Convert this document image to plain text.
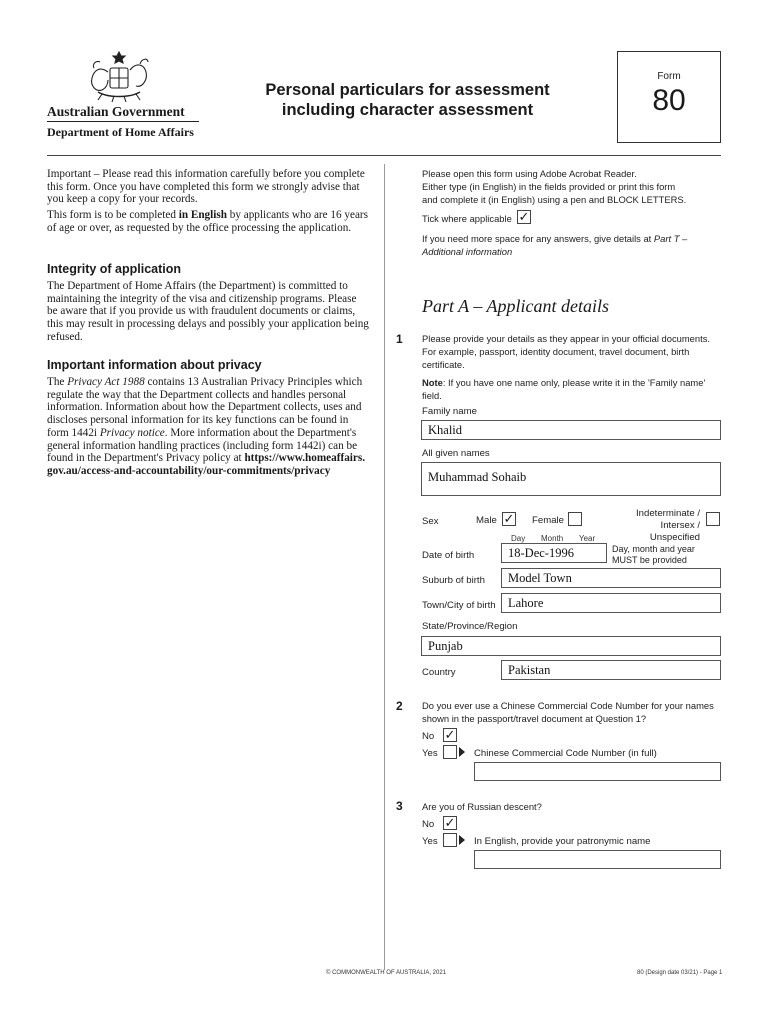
Australian Government
Department of Home Affairs
Personal particulars for assessment
including character assessment
Form
80
Important – Please read this information carefully before you complete this form. Once you have completed this form we strongly advise that you keep a copy for your records.
This form is to be completed in English by applicants who are 16 years of age or over, as requested by the office processing the application.
Integrity of application
The Department of Home Affairs (the Department) is committed to maintaining the integrity of the visa and citizenship programs. Please be aware that if you provide us with fraudulent documents or claims, this may result in processing delays and possibly your application being refused.
Important information about privacy
The Privacy Act 1988 contains 13 Australian Privacy Principles which regulate the way that the Department collects and handles personal information. Information about how the Department collects, uses and discloses personal information for its key functions can be found in form 1442i Privacy notice. More information about the Department's general information handling practices (including form 1442i) can be found in the Department's Privacy policy at https://www.homeaffairs.gov.au/access-and-accountability/our-commitments/privacy
Please open this form using Adobe Acrobat Reader.
Either type (in English) in the fields provided or print this form
and complete it (in English) using a pen and BLOCK LETTERS.
Tick where applicable ✓
If you need more space for any answers, give details at Part T –
Additional information
Part A – Applicant details
1 Please provide your details as they appear in your official documents.
For example, passport, identity document, travel document, birth
certificate.
Note: If you have one name only, please write it in the 'Family name'
field.
Family name
Khalid
All given names
Muhammad Sohaib
Sex	Male ✓ Female
Indeterminate /
Intersex / Unspecified
Day Month Year
Date of birth	18-Dec-1996	Day, month and year
MUST be provided
Suburb of birth	Model Town
Town/City of birth Lahore
State/Province/Region
Punjab
Country	Pakistan
2 Do you ever use a Chinese Commercial Code Number for your names
shown in the passport/travel document at Question 1?
No ✓
Yes	Chinese Commercial Code Number (in full)
3 Are you of Russian descent?
No ✓
Yes	In English, provide your patronymic name
© COMMONWEALTH OF AUSTRALIA, 2021	80 (Design date 03/21) - Page 1
